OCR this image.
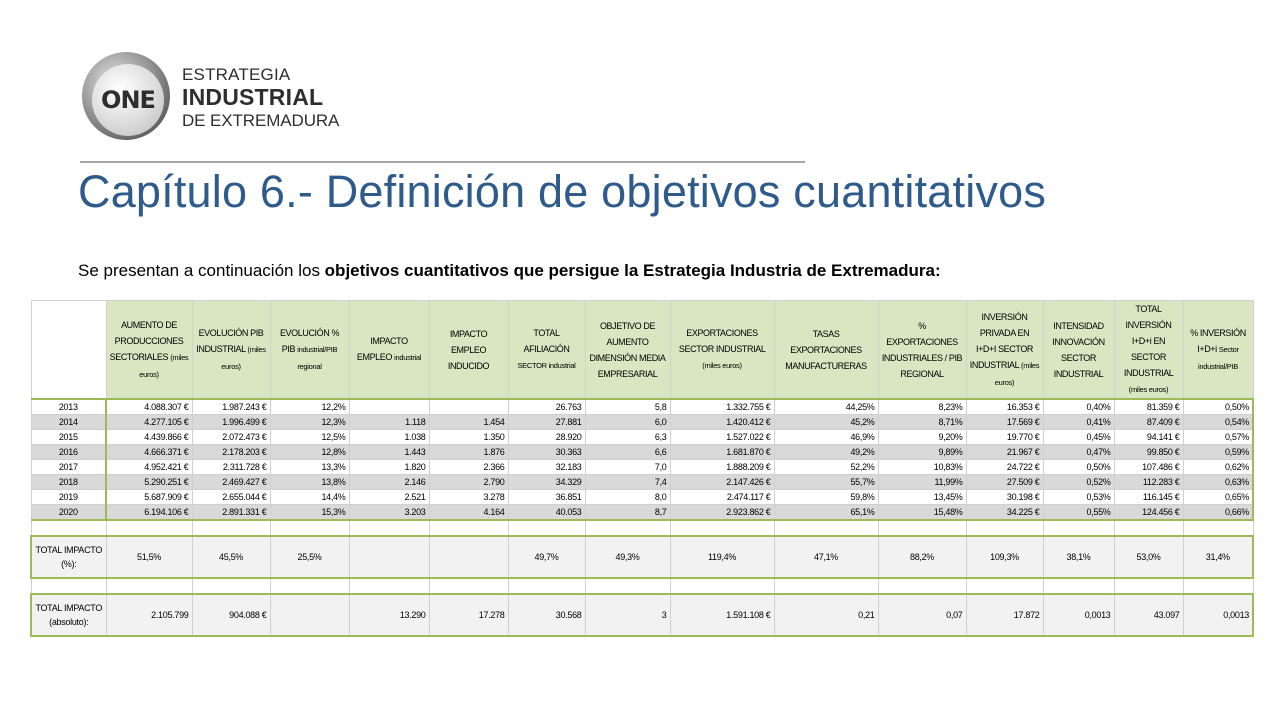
ONE
ESTRATEGIA
INDUSTRIAL
DE EXTREMADURA
Capítulo 6.- Definición de objetivos cuantitativos
Se presentan a continuación los objetivos cuantitativos que persigue la Estrategia Industria de Extremadura:
	AUMENTO DE PRODUCCIONES SECTORIALES (miles euros)	EVOLUCIÓN PIB INDUSTRIAL (miles euros)	EVOLUCIÓN % PIB industrial/PIB regional	IMPACTO EMPLEO industrial	IMPACTO EMPLEO INDUCIDO	TOTAL AFILIACIÓN SECTOR industrial	OBJETIVO DE AUMENTO DIMENSIÓN MEDIA EMPRESARIAL	EXPORTACIONES SECTOR INDUSTRIAL (miles euros)	TASAS EXPORTACIONES MANUFACTURERAS	% EXPORTACIONES INDUSTRIALES / PIB REGIONAL	INVERSIÓN PRIVADA EN I+D+I SECTOR INDUSTRIAL (miles euros)	INTENSIDAD INNOVACIÓN SECTOR INDUSTRIAL	TOTAL INVERSIÓN I+D+i EN SECTOR INDUSTRIAL (miles euros)	% INVERSIÓN I+D+i Sector industrial/PIB
2013	4.088.307 €	1.987.243 €	12,2%			26.763	5,8	1.332.755 €	44,25%	8,23%	16.353 €	0,40%	81.359 €	0,50%
2014	4.277.105 €	1.996.499 €	12,3%	1.118	1.454	27.881	6,0	1.420.412 €	45,2%	8,71%	17.569 €	0,41%	87.409 €	0,54%
2015	4.439.866 €	2.072.473 €	12,5%	1.038	1.350	28.920	6,3	1.527.022 €	46,9%	9,20%	19.770 €	0,45%	94.141 €	0,57%
2016	4.666.371 €	2.178.203 €	12,8%	1.443	1.876	30.363	6,6	1.681.870 €	49,2%	9,89%	21.967 €	0,47%	99.850 €	0,59%
2017	4.952.421 €	2.311.728 €	13,3%	1.820	2.366	32.183	7,0	1.888.209 €	52,2%	10,83%	24.722 €	0,50%	107.486 €	0,62%
2018	5.290.251 €	2.469.427 €	13,8%	2.146	2.790	34.329	7,4	2.147.426 €	55,7%	11,99%	27.509 €	0,52%	112.283 €	0,63%
2019	5.687.909 €	2.655.044 €	14,4%	2.521	3.278	36.851	8,0	2.474.117 €	59,8%	13,45%	30.198 €	0,53%	116.145 €	0,65%
2020	6.194.106 €	2.891.331 €	15,3%	3.203	4.164	40.053	8,7	2.923.862 €	65,1%	15,48%	34.225 €	0,55%	124.456 €	0,66%

TOTAL IMPACTO
(%):	51,5%	45,5%	25,5%			49,7%	49,3%	119,4%	47,1%	88,2%	109,3%	38,1%	53,0%	31,4%

TOTAL IMPACTO
(absoluto):	2.105.799	904.088 €		13.290	17.278	30.568	3	1.591.108 €	0,21	0,07	17.872	0,0013	43.097	0,0013
